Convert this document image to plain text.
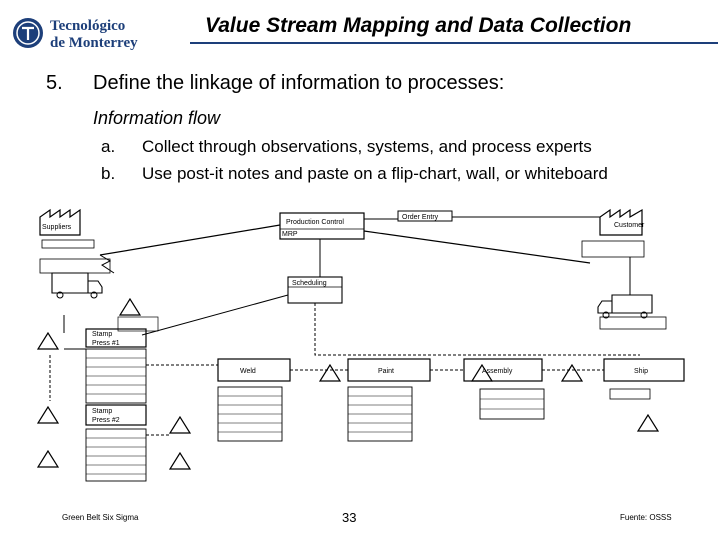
Tecnológico
de Monterrey
Value Stream Mapping and Data Collection
5. Define the linkage of information to processes:
Information flow
a. Collect through observations, systems, and process experts
b. Use post-it notes and paste on a flip-chart, wall, or whiteboard
Suppliers
Production Control
MRP
Order Entry
Customer
Scheduling
Stamp
Press #1
Stamp
Press #2
Weld	Paint	Assembly	Ship
Green Belt Six Sigma	33	Fuente: OSSS
